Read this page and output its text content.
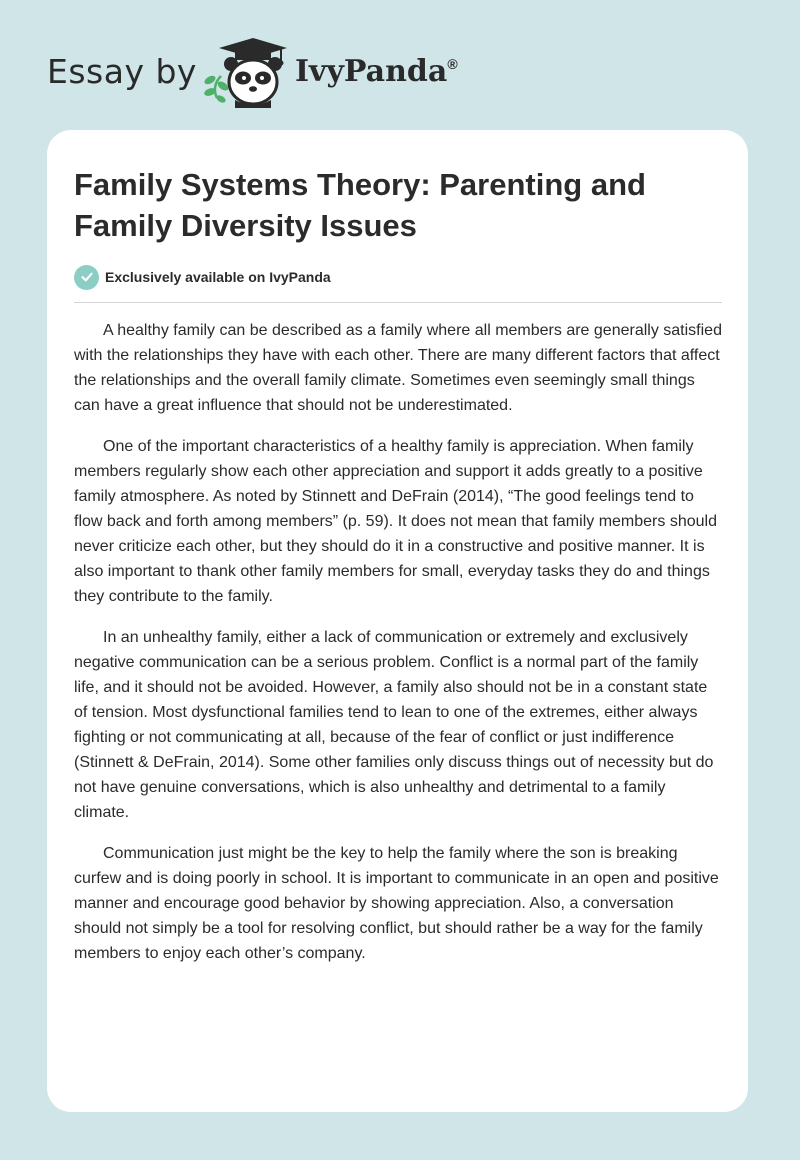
Essay by	IvyPanda®
Family Systems Theory: Parenting and Family Diversity Issues
Exclusively available on IvyPanda

A healthy family can be described as a family where all members are generally satisfied with the relationships they have with each other. There are many different factors that affect the relationships and the overall family climate. Sometimes even seemingly small things can have a great influence that should not be underestimated.

One of the important characteristics of a healthy family is appreciation. When family members regularly show each other appreciation and support it adds greatly to a positive family atmosphere. As noted by Stinnett and DeFrain (2014), “The good feelings tend to flow back and forth among members” (p. 59). It does not mean that family members should never criticize each other, but they should do it in a constructive and positive manner. It is also important to thank other family members for small, everyday tasks they do and things they contribute to the family.

In an unhealthy family, either a lack of communication or extremely and exclusively negative communication can be a serious problem. Conflict is a normal part of the family life, and it should not be avoided. However, a family also should not be in a constant state of tension. Most dysfunctional families tend to lean to one of the extremes, either always fighting or not communicating at all, because of the fear of conflict or just indifference (Stinnett & DeFrain, 2014). Some other families only discuss things out of necessity but do not have genuine conversations, which is also unhealthy and detrimental to a family climate.

Communication just might be the key to help the family where the son is breaking curfew and is doing poorly in school. It is important to communicate in an open and positive manner and encourage good behavior by showing appreciation. Also, a conversation should not simply be a tool for resolving conflict, but should rather be a way for the family members to enjoy each other’s company.
